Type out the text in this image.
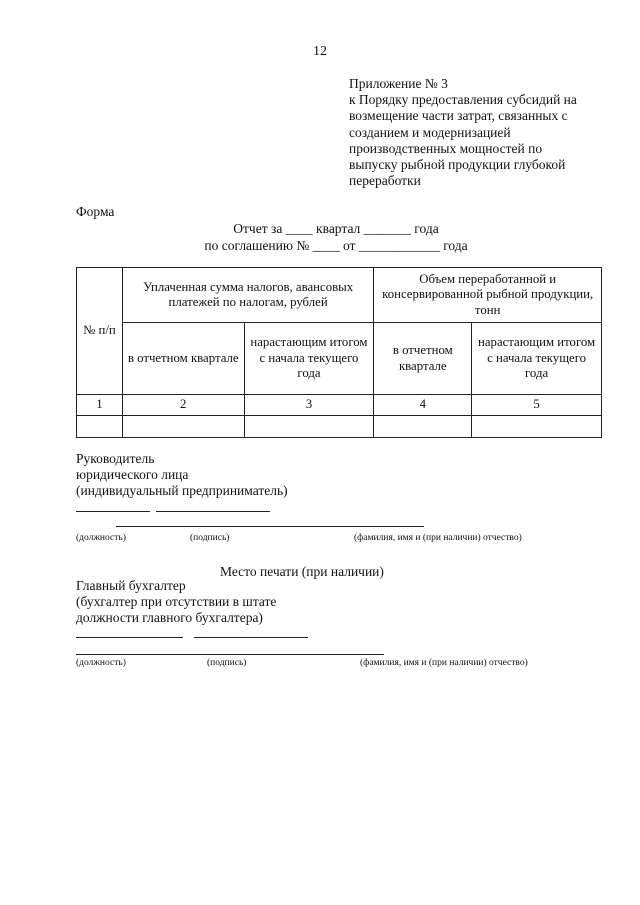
12
Приложение № 3
к Порядку предоставления субсидий на
возмещение части затрат, связанных с
созданием и модернизацией
производственных мощностей по
выпуску рыбной продукции глубокой
переработки
Форма
Отчет за ____ квартал _______ года
по соглашению № ____ от ____________ года
№ п/п	Уплаченная сумма налогов, авансовых платежей по налогам, рублей		Объем переработанной и консервированной рыбной продукции, тонн	
	в отчетном квартале	нарастающим итогом с начала текущего года	в отчетном квартале	нарастающим итогом с начала текущего года
1	2	3	4	5

Руководитель
юридического лица
(индивидуальный предприниматель)
(должность)	(подпись)	(фамилия, имя и (при наличии) отчество)
Место печати (при наличии)
Главный бухгалтер
(бухгалтер при отсутствии в штате
должности главного бухгалтера)
(должность)	(подпись)	(фамилия, имя и (при наличии) отчество)
